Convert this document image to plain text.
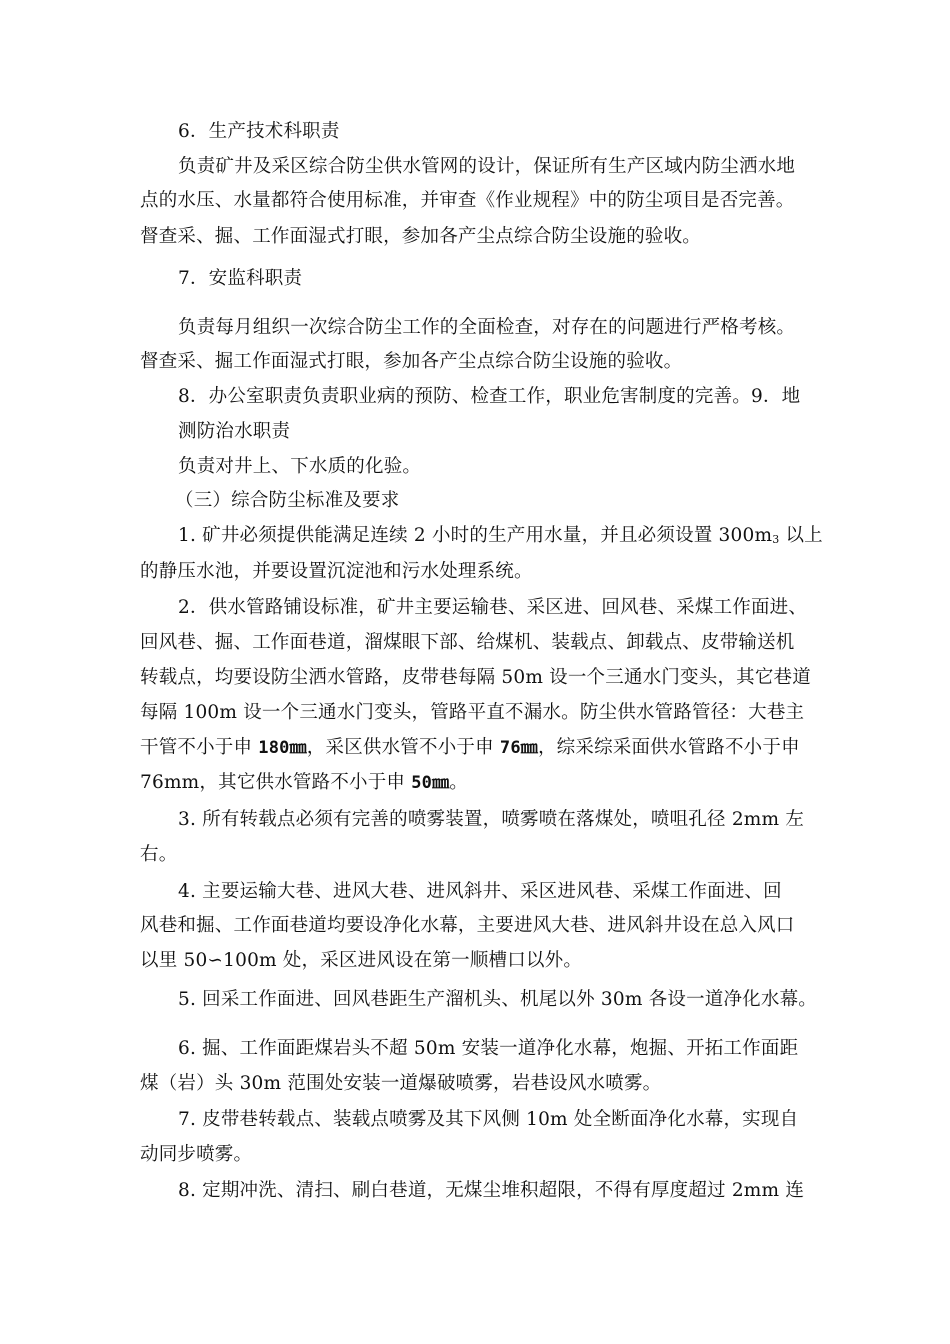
6．生产技术科职责
负责矿井及采区综合防尘供水管网的设计，保证所有生产区域内防尘洒水地
点的水压、水量都符合使用标准，并审查《作业规程》中的防尘项目是否完善。
督查采、掘、工作面湿式打眼，参加各产尘点综合防尘设施的验收。
7．安监科职责
负责每月组织一次综合防尘工作的全面检查，对存在的问题进行严格考核。
督查采、掘工作面湿式打眼，参加各产尘点综合防尘设施的验收。
8．办公室职责负责职业病的预防、检查工作，职业危害制度的完善。9．地
测防治水职责
负责对井上、下水质的化验。
（三）综合防尘标准及要求
1. 矿井必须提供能满足连续 2 小时的生产用水量，并且必须设置 $300m_3$ 以上
的静压水池，并要设置沉淀池和污水处理系统。
2．供水管路铺设标准，矿井主要运输巷、采区进、回风巷、采煤工作面进、
回风巷、掘、工作面巷道，溜煤眼下部、给煤机、装载点、卸载点、皮带输送机
转载点，均要设防尘洒水管路，皮带巷每隔 50m 设一个三通水门变头，其它巷道
每隔 100m 设一个三通水门变头，管路平直不漏水。防尘供水管路管径：大巷主
干管不小于申 180㎜，采区供水管不小于申 76㎜，综采综采面供水管路不小于申
76mm，其它供水管路不小于申 50㎜。
3. 所有转载点必须有完善的喷雾装置，喷雾喷在落煤处，喷咀孔径 2mm 左
右。
4. 主要运输大巷、进风大巷、进风斜井、采区进风巷、采煤工作面进、回
风巷和掘、工作面巷道均要设净化水幕，主要进风大巷、进风斜井设在总入风口
以里 50∽100m 处，采区进风设在第一顺槽口以外。
5. 回采工作面进、回风巷距生产溜机头、机尾以外 30m 各设一道净化水幕。
6. 掘、工作面距煤岩头不超 50m 安装一道净化水幕，炮掘、开拓工作面距
煤（岩）头 30m 范围处安装一道爆破喷雾，岩巷设风水喷雾。
7. 皮带巷转载点、装载点喷雾及其下风侧 10m 处全断面净化水幕，实现自
动同步喷雾。
8. 定期冲洗、清扫、刷白巷道，无煤尘堆积超限，不得有厚度超过 2mm 连
